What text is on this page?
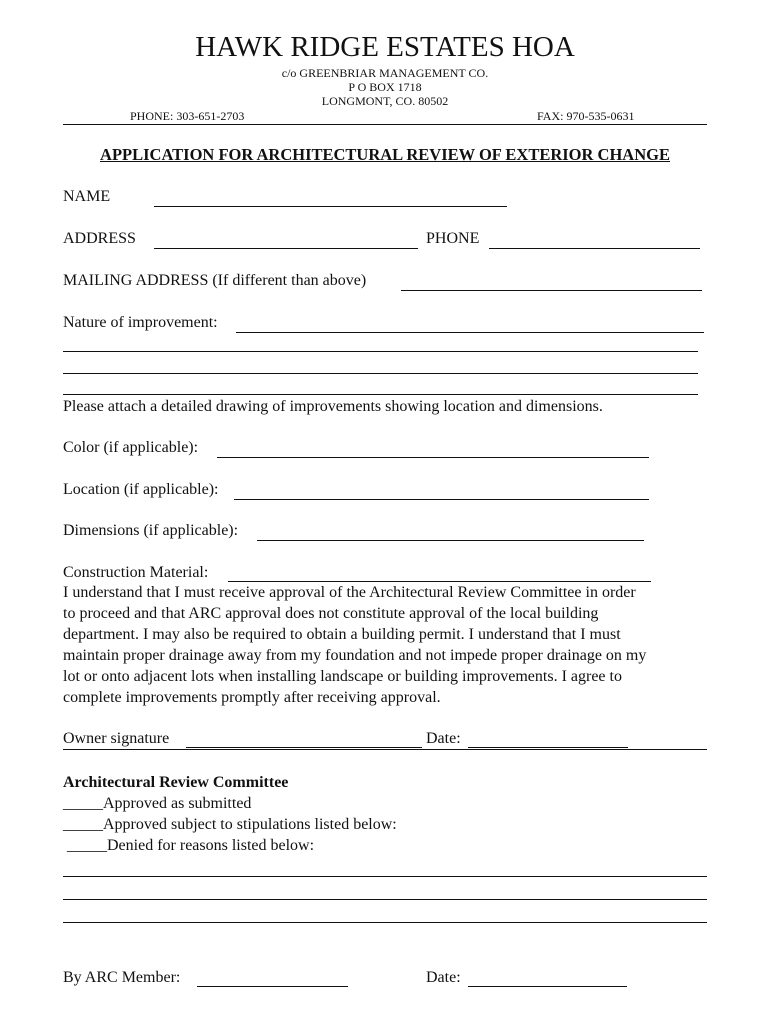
HAWK RIDGE ESTATES HOA
c/o GREENBRIAR MANAGEMENT CO.
P O BOX 1718
LONGMONT, CO. 80502
PHONE: 303-651-2703	FAX: 970-535-0631
APPLICATION FOR ARCHITECTURAL REVIEW OF EXTERIOR CHANGE
NAME
ADDRESS	PHONE
MAILING ADDRESS (If different than above)
Nature of improvement:
Please attach a detailed drawing of improvements showing location and dimensions.
Color (if applicable):
Location (if applicable):
Dimensions (if applicable):
Construction Material:
I understand that I must receive approval of the Architectural Review Committee in order
to proceed and that ARC approval does not constitute approval of the local building
department. I may also be required to obtain a building permit. I understand that I must
maintain proper drainage away from my foundation and not impede proper drainage on my
lot or onto adjacent lots when installing landscape or building improvements. I agree to
complete improvements promptly after receiving approval.
Owner signature	Date:
Architectural Review Committee
_____Approved as submitted
_____Approved subject to stipulations listed below:
_____Denied for reasons listed below:
By ARC Member:	Date:
